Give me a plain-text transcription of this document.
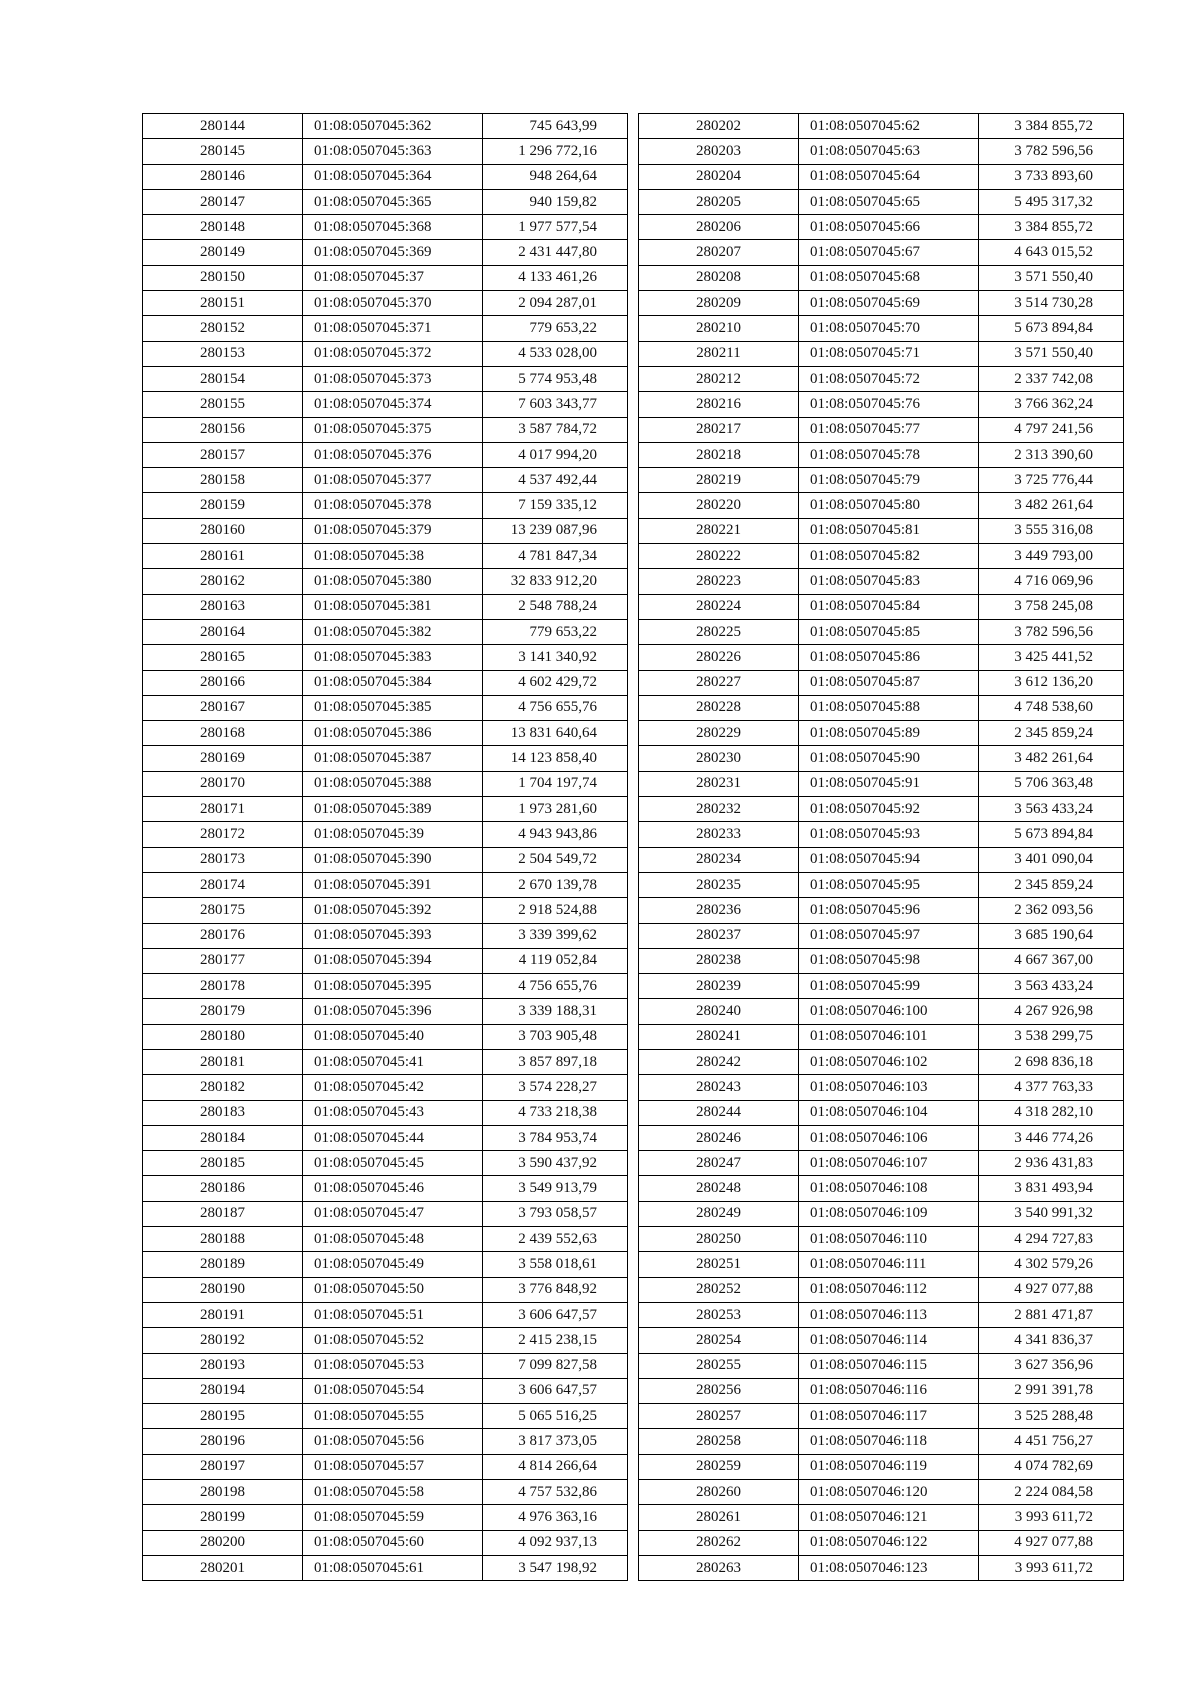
280144	01:08:0507045:362	745 643,99
280145	01:08:0507045:363	1 296 772,16
280146	01:08:0507045:364	948 264,64
280147	01:08:0507045:365	940 159,82
280148	01:08:0507045:368	1 977 577,54
280149	01:08:0507045:369	2 431 447,80
280150	01:08:0507045:37	4 133 461,26
280151	01:08:0507045:370	2 094 287,01
280152	01:08:0507045:371	779 653,22
280153	01:08:0507045:372	4 533 028,00
280154	01:08:0507045:373	5 774 953,48
280155	01:08:0507045:374	7 603 343,77
280156	01:08:0507045:375	3 587 784,72
280157	01:08:0507045:376	4 017 994,20
280158	01:08:0507045:377	4 537 492,44
280159	01:08:0507045:378	7 159 335,12
280160	01:08:0507045:379	13 239 087,96
280161	01:08:0507045:38	4 781 847,34
280162	01:08:0507045:380	32 833 912,20
280163	01:08:0507045:381	2 548 788,24
280164	01:08:0507045:382	779 653,22
280165	01:08:0507045:383	3 141 340,92
280166	01:08:0507045:384	4 602 429,72
280167	01:08:0507045:385	4 756 655,76
280168	01:08:0507045:386	13 831 640,64
280169	01:08:0507045:387	14 123 858,40
280170	01:08:0507045:388	1 704 197,74
280171	01:08:0507045:389	1 973 281,60
280172	01:08:0507045:39	4 943 943,86
280173	01:08:0507045:390	2 504 549,72
280174	01:08:0507045:391	2 670 139,78
280175	01:08:0507045:392	2 918 524,88
280176	01:08:0507045:393	3 339 399,62
280177	01:08:0507045:394	4 119 052,84
280178	01:08:0507045:395	4 756 655,76
280179	01:08:0507045:396	3 339 188,31
280180	01:08:0507045:40	3 703 905,48
280181	01:08:0507045:41	3 857 897,18
280182	01:08:0507045:42	3 574 228,27
280183	01:08:0507045:43	4 733 218,38
280184	01:08:0507045:44	3 784 953,74
280185	01:08:0507045:45	3 590 437,92
280186	01:08:0507045:46	3 549 913,79
280187	01:08:0507045:47	3 793 058,57
280188	01:08:0507045:48	2 439 552,63
280189	01:08:0507045:49	3 558 018,61
280190	01:08:0507045:50	3 776 848,92
280191	01:08:0507045:51	3 606 647,57
280192	01:08:0507045:52	2 415 238,15
280193	01:08:0507045:53	7 099 827,58
280194	01:08:0507045:54	3 606 647,57
280195	01:08:0507045:55	5 065 516,25
280196	01:08:0507045:56	3 817 373,05
280197	01:08:0507045:57	4 814 266,64
280198	01:08:0507045:58	4 757 532,86
280199	01:08:0507045:59	4 976 363,16
280200	01:08:0507045:60	4 092 937,13
280201	01:08:0507045:61	3 547 198,92
280202	01:08:0507045:62	3 384 855,72
280203	01:08:0507045:63	3 782 596,56
280204	01:08:0507045:64	3 733 893,60
280205	01:08:0507045:65	5 495 317,32
280206	01:08:0507045:66	3 384 855,72
280207	01:08:0507045:67	4 643 015,52
280208	01:08:0507045:68	3 571 550,40
280209	01:08:0507045:69	3 514 730,28
280210	01:08:0507045:70	5 673 894,84
280211	01:08:0507045:71	3 571 550,40
280212	01:08:0507045:72	2 337 742,08
280216	01:08:0507045:76	3 766 362,24
280217	01:08:0507045:77	4 797 241,56
280218	01:08:0507045:78	2 313 390,60
280219	01:08:0507045:79	3 725 776,44
280220	01:08:0507045:80	3 482 261,64
280221	01:08:0507045:81	3 555 316,08
280222	01:08:0507045:82	3 449 793,00
280223	01:08:0507045:83	4 716 069,96
280224	01:08:0507045:84	3 758 245,08
280225	01:08:0507045:85	3 782 596,56
280226	01:08:0507045:86	3 425 441,52
280227	01:08:0507045:87	3 612 136,20
280228	01:08:0507045:88	4 748 538,60
280229	01:08:0507045:89	2 345 859,24
280230	01:08:0507045:90	3 482 261,64
280231	01:08:0507045:91	5 706 363,48
280232	01:08:0507045:92	3 563 433,24
280233	01:08:0507045:93	5 673 894,84
280234	01:08:0507045:94	3 401 090,04
280235	01:08:0507045:95	2 345 859,24
280236	01:08:0507045:96	2 362 093,56
280237	01:08:0507045:97	3 685 190,64
280238	01:08:0507045:98	4 667 367,00
280239	01:08:0507045:99	3 563 433,24
280240	01:08:0507046:100	4 267 926,98
280241	01:08:0507046:101	3 538 299,75
280242	01:08:0507046:102	2 698 836,18
280243	01:08:0507046:103	4 377 763,33
280244	01:08:0507046:104	4 318 282,10
280246	01:08:0507046:106	3 446 774,26
280247	01:08:0507046:107	2 936 431,83
280248	01:08:0507046:108	3 831 493,94
280249	01:08:0507046:109	3 540 991,32
280250	01:08:0507046:110	4 294 727,83
280251	01:08:0507046:111	4 302 579,26
280252	01:08:0507046:112	4 927 077,88
280253	01:08:0507046:113	2 881 471,87
280254	01:08:0507046:114	4 341 836,37
280255	01:08:0507046:115	3 627 356,96
280256	01:08:0507046:116	2 991 391,78
280257	01:08:0507046:117	3 525 288,48
280258	01:08:0507046:118	4 451 756,27
280259	01:08:0507046:119	4 074 782,69
280260	01:08:0507046:120	2 224 084,58
280261	01:08:0507046:121	3 993 611,72
280262	01:08:0507046:122	4 927 077,88
280263	01:08:0507046:123	3 993 611,72
